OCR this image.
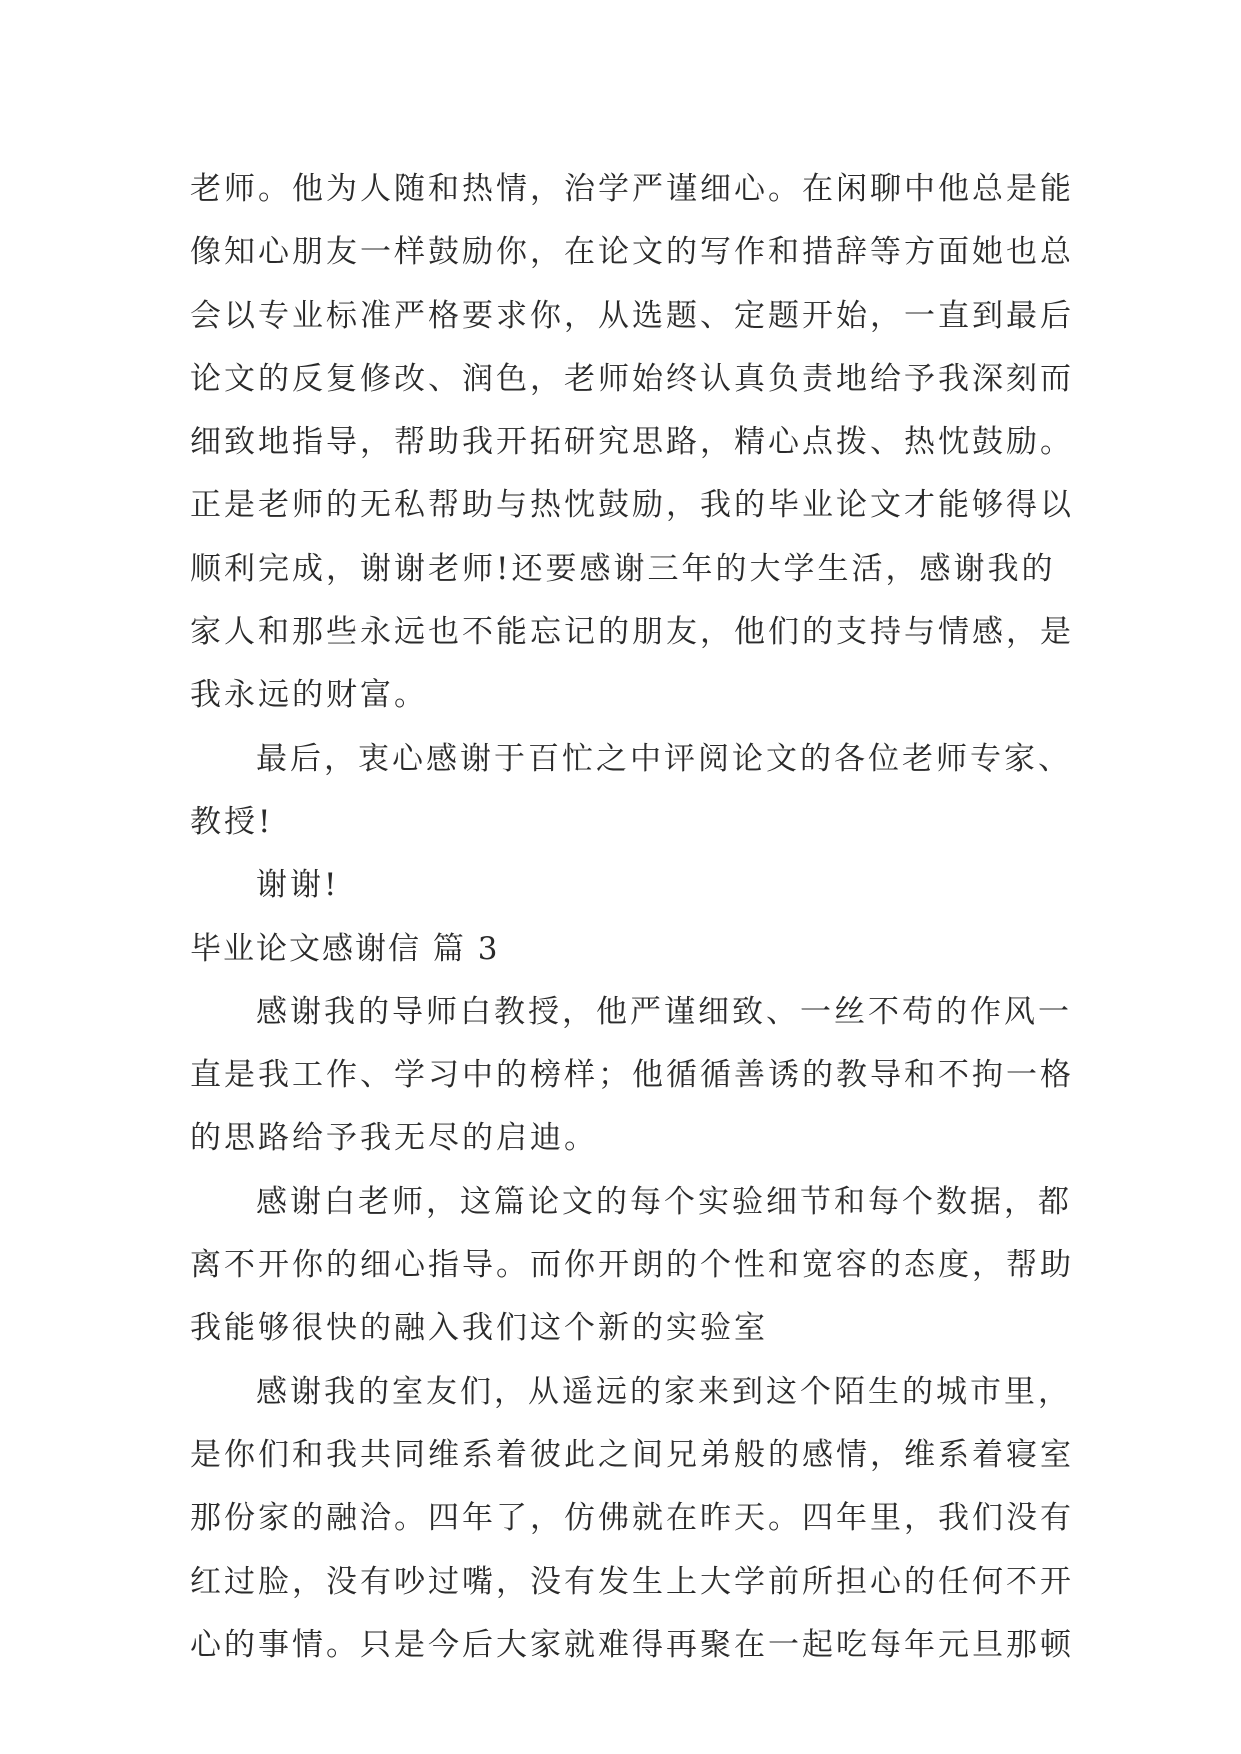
老师。他为人随和热情，治学严谨细心。在闲聊中他总是能
像知心朋友一样鼓励你，在论文的写作和措辞等方面她也总
会以专业标准严格要求你，从选题、定题开始，一直到最后
论文的反复修改、润色，老师始终认真负责地给予我深刻而
细致地指导，帮助我开拓研究思路，精心点拨、热忱鼓励。
正是老师的无私帮助与热忱鼓励，我的毕业论文才能够得以
顺利完成，谢谢老师!还要感谢三年的大学生活，感谢我的
家人和那些永远也不能忘记的朋友，他们的支持与情感，是
我永远的财富。
最后，衷心感谢于百忙之中评阅论文的各位老师专家、
教授!
谢谢!
毕业论文感谢信 篇 3
感谢我的导师白教授，他严谨细致、一丝不苟的作风一
直是我工作、学习中的榜样；他循循善诱的教导和不拘一格
的思路给予我无尽的启迪。
感谢白老师，这篇论文的每个实验细节和每个数据，都
离不开你的细心指导。而你开朗的个性和宽容的态度，帮助
我能够很快的融入我们这个新的实验室
感谢我的室友们，从遥远的家来到这个陌生的城市里，
是你们和我共同维系着彼此之间兄弟般的感情，维系着寝室
那份家的融洽。四年了，仿佛就在昨天。四年里，我们没有
红过脸，没有吵过嘴，没有发生上大学前所担心的任何不开
心的事情。只是今后大家就难得再聚在一起吃每年元旦那顿
